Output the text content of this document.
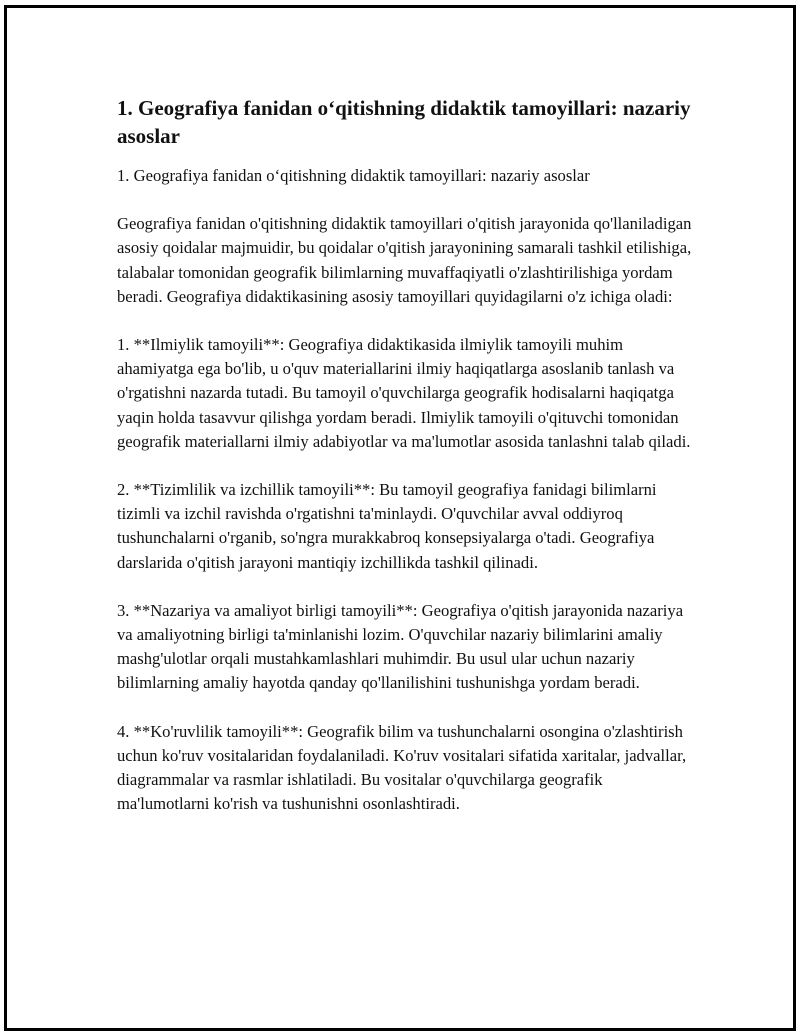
1. Geografiya fanidan o‘qitishning didaktik tamoyillari: nazariy asoslar

1. Geografiya fanidan o‘qitishning didaktik tamoyillari: nazariy asoslar

Geografiya fanidan o'qitishning didaktik tamoyillari o'qitish jarayonida qo'llaniladigan asosiy qoidalar majmuidir, bu qoidalar o'qitish jarayonining samarali tashkil etilishiga, talabalar tomonidan geografik bilimlarning muvaffaqiyatli o'zlashtirilishiga yordam beradi. Geografiya didaktikasining asosiy tamoyillari quyidagilarni o'z ichiga oladi:

1. **Ilmiylik tamoyili**: Geografiya didaktikasida ilmiylik tamoyili muhim ahamiyatga ega bo'lib, u o'quv materiallarini ilmiy haqiqatlarga asoslanib tanlash va o'rgatishni nazarda tutadi. Bu tamoyil o'quvchilarga geografik hodisalarni haqiqatga yaqin holda tasavvur qilishga yordam beradi. Ilmiylik tamoyili o'qituvchi tomonidan geografik materiallarni ilmiy adabiyotlar va ma'lumotlar asosida tanlashni talab qiladi.

2. **Tizimlilik va izchillik tamoyili**: Bu tamoyil geografiya fanidagi bilimlarni tizimli va izchil ravishda o'rgatishni ta'minlaydi. O'quvchilar avval oddiyroq tushunchalarni o'rganib, so'ngra murakkabroq konsepsiyalarga o'tadi. Geografiya darslarida o'qitish jarayoni mantiqiy izchillikda tashkil qilinadi.

3. **Nazariya va amaliyot birligi tamoyili**: Geografiya o'qitish jarayonida nazariya va amaliyotning birligi ta'minlanishi lozim. O'quvchilar nazariy bilimlarini amaliy mashg'ulotlar orqali mustahkamlashlari muhimdir. Bu usul ular uchun nazariy bilimlarning amaliy hayotda qanday qo'llanilishini tushunishga yordam beradi.

4. **Ko'ruvlilik tamoyili**: Geografik bilim va tushunchalarni osongina o'zlashtirish uchun ko'ruv vositalaridan foydalaniladi. Ko'ruv vositalari sifatida xaritalar, jadvallar, diagrammalar va rasmlar ishlatiladi. Bu vositalar o'quvchilarga geografik ma'lumotlarni ko'rish va tushunishni osonlashtiradi.
